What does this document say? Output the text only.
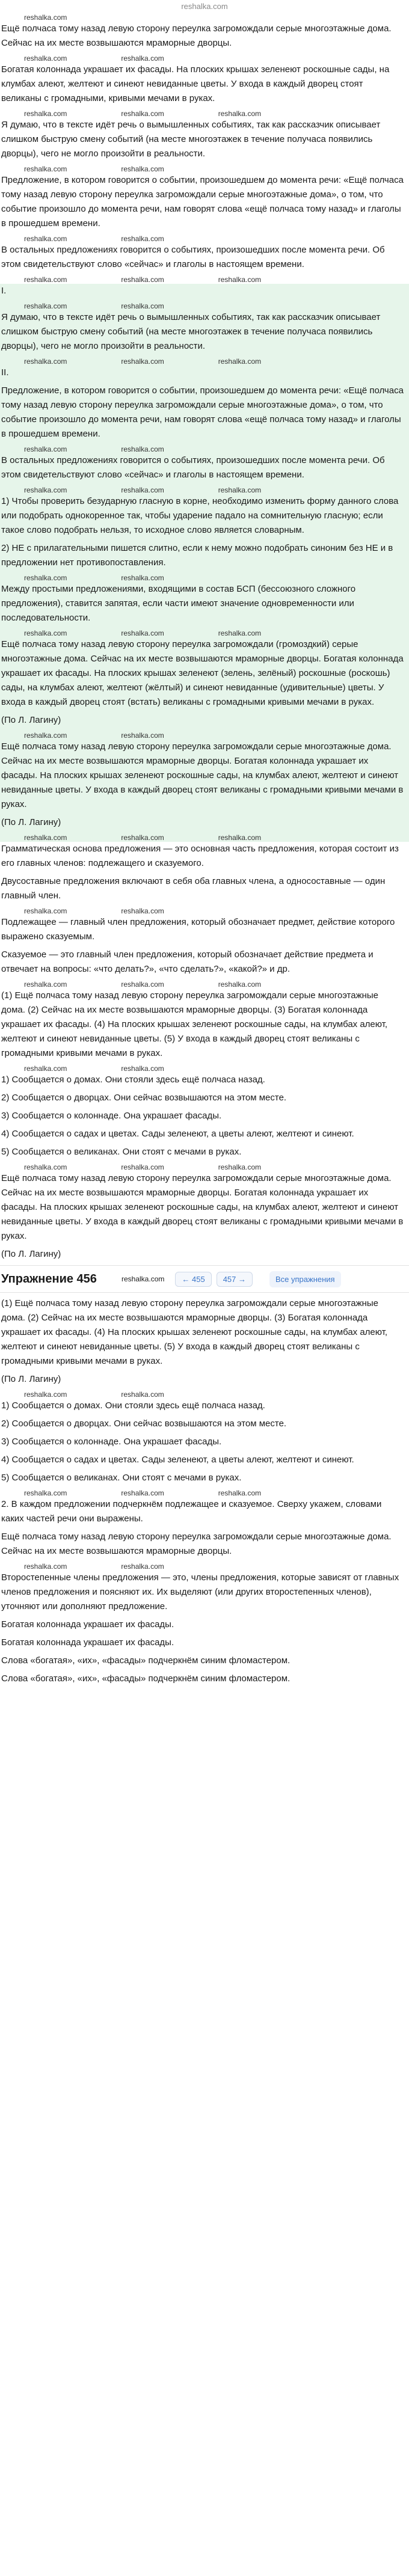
reshalka.com
reshalka.com

Ещё полчаса тому назад левую сторону переулка загромождали серые многоэтажные дома. Сейчас на их месте возвышаются мраморные дворцы.

reshalka.com	reshalka.com

Богатая колоннада украшает их фасады. На плоских крышах зеленеют роскошные сады, на клумбах алеют, желтеют и синеют невиданные цветы. У входа в каждый дворец стоят великаны с громадными, кривыми мечами в руках.

reshalka.com	reshalka.com	reshalka.com

Я думаю, что в тексте идёт речь о вымышленных событиях, так как рассказчик описывает слишком быструю смену событий (на месте многоэтажек в течение получаса появились дворцы), чего не могло произойти в реальности.

reshalka.com	reshalka.com

Предложение, в котором говорится о событии, произошедшем до момента речи: «Ещё полчаса тому назад левую сторону переулка загромождали серые многоэтажные дома», о том, что событие произошло до момента речи, нам говорят слова «ещё полчаса тому назад» и глаголы в прошедшем времени.

reshalka.com	reshalka.com

В остальных предложениях говорится о событиях, произошедших после момента речи. Об этом свидетельствуют слово «сейчас» и глаголы в настоящем времени.

reshalka.com	reshalka.com	reshalka.com

I.

reshalka.com	reshalka.com

Я думаю, что в тексте идёт речь о вымышленных событиях, так как рассказчик описывает слишком быструю смену событий (на месте многоэтажек в течение получаса появились дворцы), чего не могло произойти в реальности.

reshalka.com	reshalka.com	reshalka.com

II.

Предложение, в котором говорится о событии, произошедшем до момента речи: «Ещё полчаса тому назад левую сторону переулка загромождали серые многоэтажные дома», о том, что событие произошло до момента речи, нам говорят слова «ещё полчаса тому назад» и глаголы в прошедшем времени.

reshalka.com	reshalka.com

В остальных предложениях говорится о событиях, произошедших после момента речи. Об этом свидетельствуют слово «сейчас» и глаголы в настоящем времени.

reshalka.com	reshalka.com	reshalka.com

1) Чтобы проверить безударную гласную в корне, необходимо изменить форму данного слова или подобрать однокоренное так, чтобы ударение падало на сомнительную гласную; если такое слово подобрать нельзя, то исходное слово является словарным.

2) НЕ с прилагательными пишется слитно, если к нему можно подобрать синоним без НЕ и в предложении нет противопоставления.

reshalka.com	reshalka.com

Между простыми предложениями, входящими в состав БСП (бессоюзного сложного предложения), ставится запятая, если части имеют значение одновременности или последовательности.

reshalka.com	reshalka.com	reshalka.com

Ещё полчаса тому назад левую сторону переулка загромождали (громоздкий) серые многоэтажные дома. Сейчас на их месте возвышаются мраморные дворцы. Богатая колоннада украшает их фасады. На плоских крышах зеленеют (зелень, зелёный) роскошные (роскошь) сады, на клумбах алеют, желтеют (жёлтый) и синеют невиданные (удивительные) цветы. У входа в каждый дворец стоят (встать) великаны с громадными кривыми мечами в руках.

(По Л. Лагину)

reshalka.com	reshalka.com

Ещё полчаса тому назад левую сторону переулка загромождали серые многоэтажные дома. Сейчас на их месте возвышаются мраморные дворцы. Богатая колоннада украшает их фасады. На плоских крышах зеленеют роскошные сады, на клумбах алеют, желтеют и синеют невиданные цветы. У входа в каждый дворец стоят великаны с громадными кривыми мечами в руках.

(По Л. Лагину)

reshalka.com	reshalka.com	reshalka.com

Грамматическая основа предложения — это основная часть предложения, которая состоит из его главных членов: подлежащего и сказуемого.

Двусоставные предложения включают в себя оба главных члена, а односоставные — один главный член.

reshalka.com	reshalka.com

Подлежащее — главный член предложения, который обозначает предмет, действие которого выражено сказуемым.

Сказуемое — это главный член предложения, который обозначает действие предмета и отвечает на вопросы: «что делать?», «что сделать?», «какой?» и др.

reshalka.com	reshalka.com	reshalka.com

(1) Ещё полчаса тому назад левую сторону переулка загромождали серые многоэтажные дома. (2) Сейчас на их месте возвышаются мраморные дворцы. (3) Богатая колоннада украшает их фасады. (4) На плоских крышах зеленеют роскошные сады, на клумбах алеют, желтеют и синеют невиданные цветы. (5) У входа в каждый дворец стоят великаны с громадными кривыми мечами в руках.

reshalka.com	reshalka.com

1) Сообщается о домах. Они стояли здесь ещё полчаса назад.

2) Сообщается о дворцах. Они сейчас возвышаются на этом месте.

3) Сообщается о колоннаде. Она украшает фасады.

4) Сообщается о садах и цветах. Сады зеленеют, а цветы алеют, желтеют и синеют.

5) Сообщается о великанах. Они стоят с мечами в руках.

reshalka.com	reshalka.com	reshalka.com

Ещё полчаса тому назад левую сторону переулка загромождали серые многоэтажные дома. Сейчас на их месте возвышаются мраморные дворцы. Богатая колоннада украшает их фасады. На плоских крышах зеленеют роскошные сады, на клумбах алеют, желтеют и синеют невиданные цветы. У входа в каждый дворец стоят великаны с громадными кривыми мечами в руках.

(По Л. Лагину)

Упражнение 456	reshalka.com	← 455	457 →	Все упражнения

(1) Ещё полчаса тому назад левую сторону переулка загромождали серые многоэтажные дома. (2) Сейчас на их месте возвышаются мраморные дворцы. (3) Богатая колоннада украшает их фасады. (4) На плоских крышах зеленеют роскошные сады, на клумбах алеют, желтеют и синеют невиданные цветы. (5) У входа в каждый дворец стоят великаны с громадными кривыми мечами в руках.

(По Л. Лагину)

reshalka.com	reshalka.com

1) Сообщается о домах. Они стояли здесь ещё полчаса назад.

2) Сообщается о дворцах. Они сейчас возвышаются на этом месте.

3) Сообщается о колоннаде. Она украшает фасады.

4) Сообщается о садах и цветах. Сады зеленеют, а цветы алеют, желтеют и синеют.

5) Сообщается о великанах. Они стоят с мечами в руках.

reshalka.com	reshalka.com	reshalka.com

2. В каждом предложении подчеркнём подлежащее и сказуемое. Сверху укажем, словами каких частей речи они выражены.

Ещё полчаса тому назад левую сторону переулка загромождали серые многоэтажные дома. Сейчас на их месте возвышаются мраморные дворцы.

reshalka.com	reshalka.com

Второстепенные члены предложения — это, члены предложения, которые зависят от главных членов предложения и поясняют их. Их выделяют (или других второстепенных членов), уточняют или дополняют предложение.

Богатая колоннада украшает их фасады.

Богатая колоннада украшает их фасады.

Слова «богатая», «их», «фасады» подчеркнём синим фломастером.

Слова «богатая», «их», «фасады» подчеркнём синим фломастером.
